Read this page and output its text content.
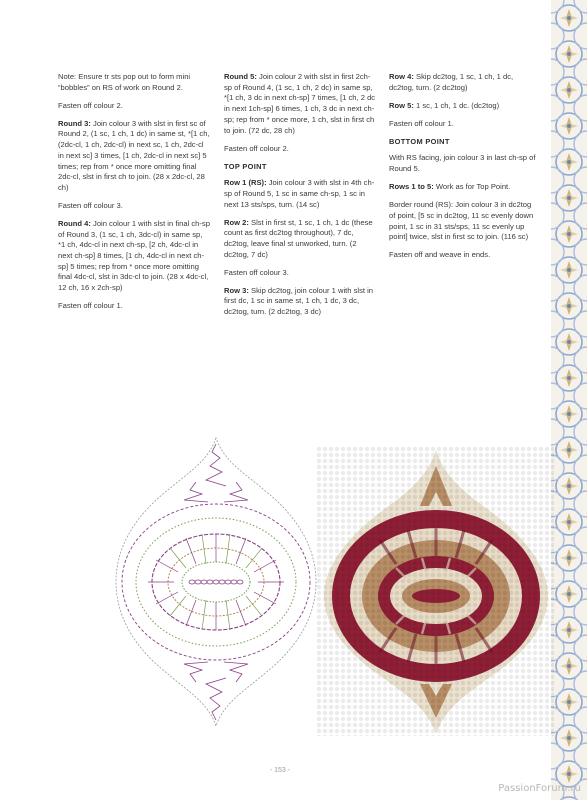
Note: Ensure tr sts pop out to form mini “bobbles” on RS of work on Round 2.

Fasten off colour 2.

Round 3: Join colour 3 with slst in first sc of Round 2, (1 sc, 1 ch, 1 dc) in same st, *[1 ch, (2dc-cl, 1 ch, 2dc-cl) in next sc, 1 ch, 2dc-cl in next sc] 3 times, [1 ch, 2dc-cl in next sc] 5 times; rep from * once more omitting final 2dc-cl, slst in first ch to join. (28 x 2dc-cl, 28 ch)

Fasten off colour 3.

Round 4: Join colour 1 with slst in final ch-sp of Round 3, (1 sc, 1 ch, 3dc-cl) in same sp, *1 ch, 4dc-cl in next ch-sp, [2 ch, 4dc-cl in next ch-sp] 8 times, [1 ch, 4dc-cl in next ch-sp] 5 times; rep from * once more omitting final 4dc-cl, slst in 3dc-cl to join. (28 x 4dc-cl, 12 ch, 16 x 2ch-sp)

Fasten off colour 1.

Round 5: Join colour 2 with slst in first 2ch-sp of Round 4, (1 sc, 1 ch, 2 dc) in same sp, *[1 ch, 3 dc in next ch-sp] 7 times, [1 ch, 2 dc in next 1ch-sp] 6 times, 1 ch, 3 dc in next ch-sp; rep from * once more, 1 ch, slst in first ch to join. (72 dc, 28 ch)

Fasten off colour 2.

TOP POINT

Row 1 (RS): Join colour 3 with slst in 4th ch-sp of Round 5, 1 sc in same ch-sp, 1 sc in next 13 sts/sps, turn. (14 sc)

Row 2: Slst in first st, 1 sc, 1 ch, 1 dc (these count as first dc2tog throughout), 7 dc, dc2tog, leave final st unworked, turn. (2 dc2tog, 7 dc)

Fasten off colour 3.

Row 3: Skip dc2tog, join colour 1 with slst in first dc, 1 sc in same st, 1 ch, 1 dc, 3 dc, dc2tog, turn. (2 dc2tog, 3 dc)

Row 4: Skip dc2tog, 1 sc, 1 ch, 1 dc, dc2tog, turn. (2 dc2tog)

Row 5: 1 sc, 1 ch, 1 dc. (dc2tog)

Fasten off colour 1.

BOTTOM POINT

With RS facing, join colour 3 in last ch-sp of Round 5.

Rows 1 to 5: Work as for Top Point.

Border round (RS): Join colour 3 in dc2tog of point, [5 sc in dc2tog, 11 sc evenly down point, 1 sc in 31 sts/sps, 11 sc evenly up point] twice, slst in first sc to join. (116 sc)

Fasten off and weave in ends.

- 153 -
PassionForum.ru
